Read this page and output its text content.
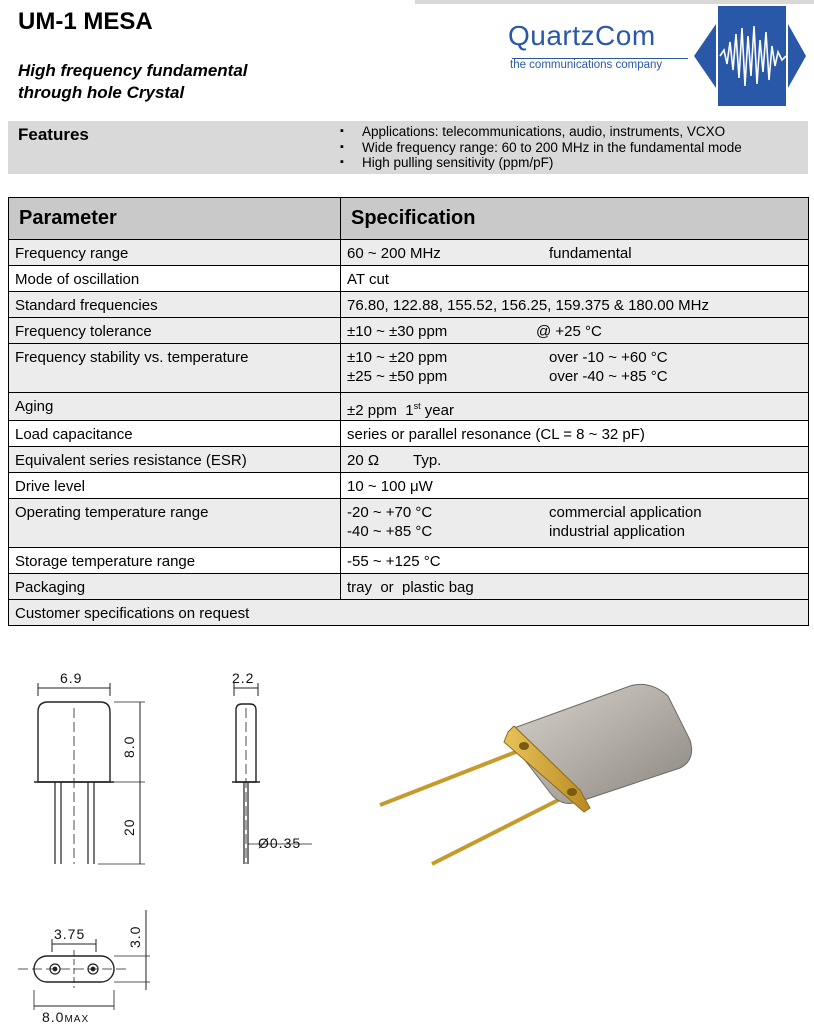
UM-1 MESA
High frequency fundamental
through hole Crystal
QuartzCom
the communications company
Features	▪ Applications: telecommunications, audio, instruments, VCXO
▪ Wide frequency range: 60 to 200 MHz in the fundamental mode
▪ High pulling sensitivity (ppm/pF)
Parameter	Specification
Frequency range	60 ~ 200 MHz fundamental
Mode of oscillation	AT cut
Standard frequencies	76.80, 122.88, 155.52, 156.25, 159.375 & 180.00 MHz
Frequency tolerance	±10 ~ ±30 ppm @ +25 °C
Frequency stability vs. temperature	±10 ~ ±20 ppm over -10 ~ +60 °C
±25 ~ ±50 ppm over -40 ~ +85 °C

Aging	±2 ppm 1st year
Load capacitance	series or parallel resonance (CL = 8 ~ 32 pF)
Equivalent series resistance (ESR)	20 Ω Typ.
Drive level	10 ~ 100 μW
Operating temperature range	-20 ~ +70 °C commercial application
-40 ~ +85 °C industrial application

Storage temperature range	-55 ~ +125 °C
Packaging	tray  or  plastic bag
Customer specifications on request	
6.9
8.0
20
2.2
Ø0.35
3.75	3.0
8.0MAX
